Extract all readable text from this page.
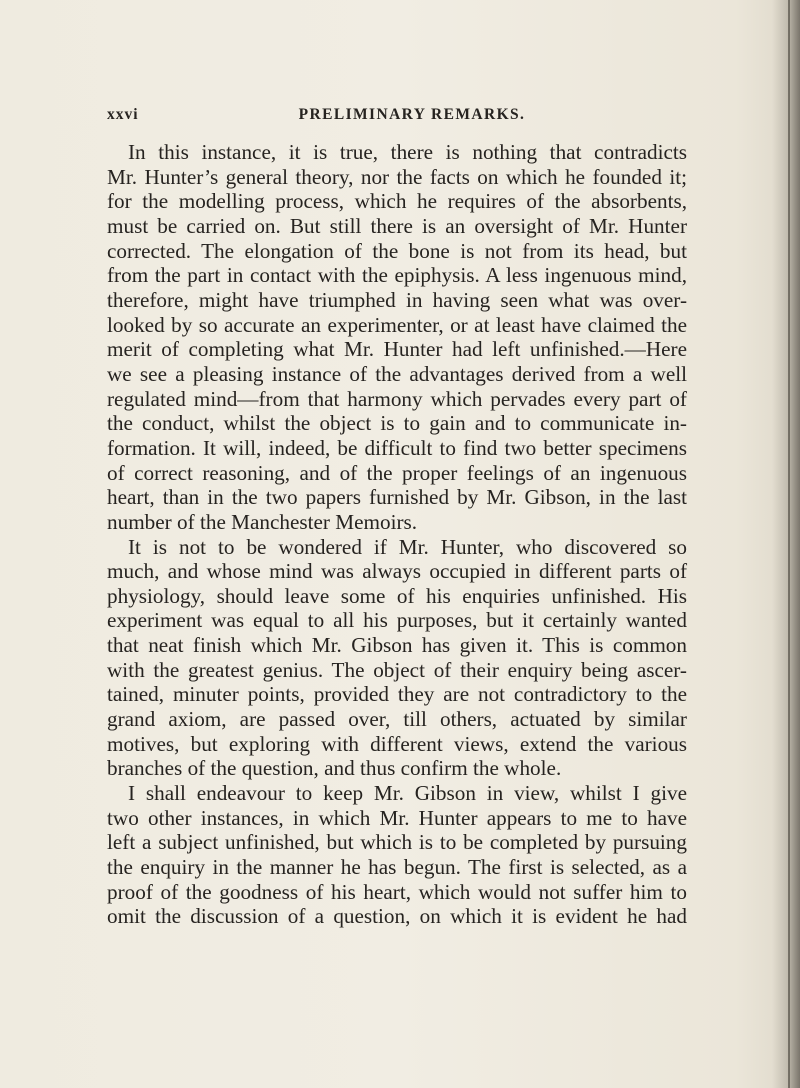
xxvi	PRELIMINARY REMARKS.
In this instance, it is true, there is nothing that contradicts
Mr. Hunter’s general theory, nor the facts on which he founded it;
for the modelling process, which he requires of the absorbents,
must be carried on. But still there is an oversight of Mr. Hunter
corrected. The elongation of the bone is not from its head, but
from the part in contact with the epiphysis. A less ingenuous mind,
therefore, might have triumphed in having seen what was over-
looked by so accurate an experimenter, or at least have claimed the
merit of completing what Mr. Hunter had left unfinished.—Here
we see a pleasing instance of the advantages derived from a well
regulated mind—from that harmony which pervades every part of
the conduct, whilst the object is to gain and to communicate in-
formation. It will, indeed, be difficult to find two better specimens
of correct reasoning, and of the proper feelings of an ingenuous
heart, than in the two papers furnished by Mr. Gibson, in the last
number of the Manchester Memoirs.
It is not to be wondered if Mr. Hunter, who discovered so
much, and whose mind was always occupied in different parts of
physiology, should leave some of his enquiries unfinished. His
experiment was equal to all his purposes, but it certainly wanted
that neat finish which Mr. Gibson has given it. This is common
with the greatest genius. The object of their enquiry being ascer-
tained, minuter points, provided they are not contradictory to the
grand axiom, are passed over, till others, actuated by similar
motives, but exploring with different views, extend the various
branches of the question, and thus confirm the whole.
I shall endeavour to keep Mr. Gibson in view, whilst I give
two other instances, in which Mr. Hunter appears to me to have
left a subject unfinished, but which is to be completed by pursuing
the enquiry in the manner he has begun. The first is selected, as a
proof of the goodness of his heart, which would not suffer him to
omit the discussion of a question, on which it is evident he had
